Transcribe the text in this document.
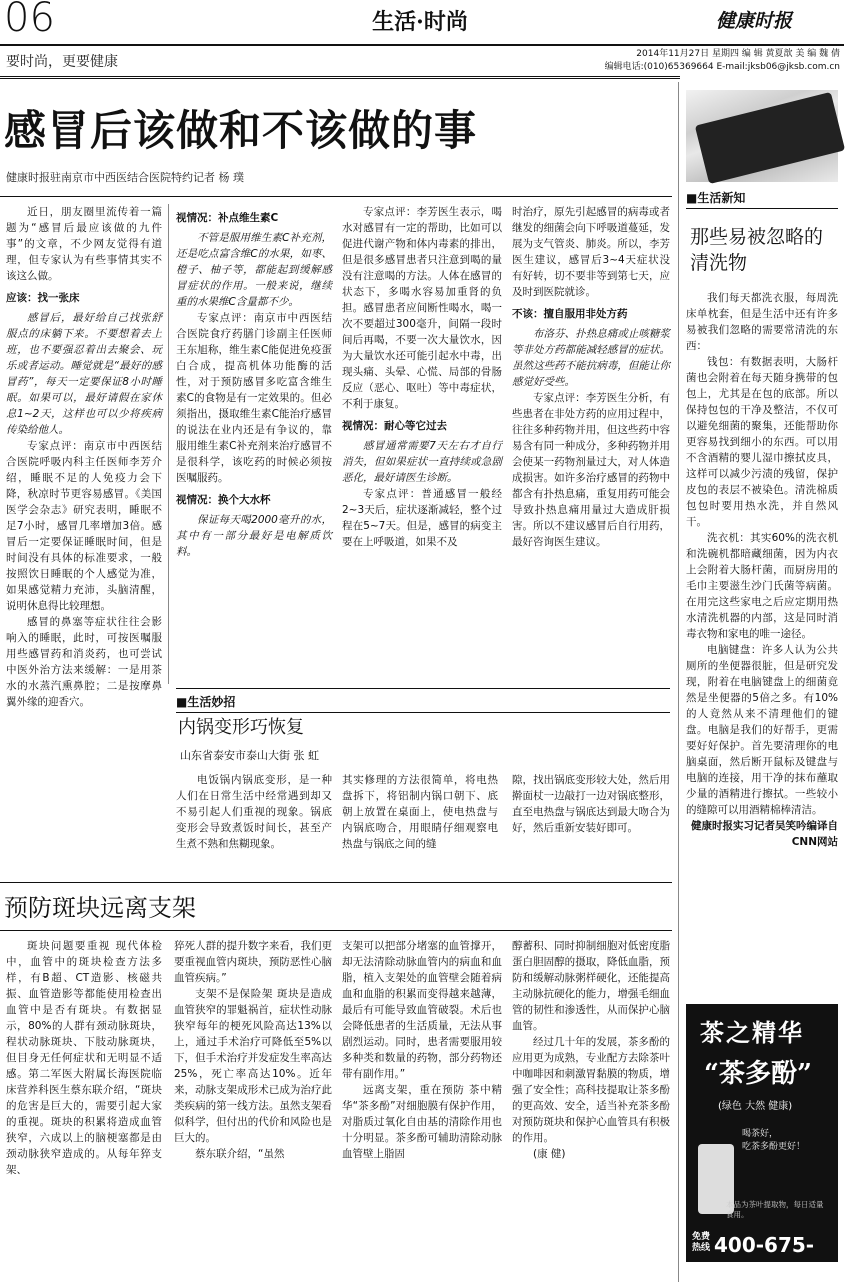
06	生活·时尚	健康时报
要时尚，更要健康	2014年11月27日 星期四 编 辑 黄夏歆 美 编 魏 倩
编辑电话:(010)65369664 E-mail:jksb06@jksb.com.cn
感冒后该做和不该做的事
健康时报驻南京市中西医结合医院特约记者 杨 璞

近日，朋友圈里流传着一篇题为“感冒后最应该做的九件事”的文章，不少网友觉得有道理，但专家认为有些事情其实不该这么做。

应该：找一张床

感冒后，最好给自己找张舒服点的床躺下来。不要想着去上班，也不要强忍着出去聚会、玩乐或者运动。睡觉就是“最好的感冒药”，每天一定要保证8小时睡眠。如果可以，最好请假在家休息1~2天，这样也可以少将疾病传染给他人。

专家点评：南京市中西医结合医院呼吸内科主任医师李芳介绍，睡眠不足的人免疫力会下降，秋凉时节更容易感冒。《美国医学会杂志》研究表明，睡眠不足7小时，感冒几率增加3倍。感冒后一定要保证睡眠时间，但是时间没有具体的标准要求，一般按照饮日睡眠的个人感觉为准，如果感觉精力充沛，头脑清醒，说明休息得比较理想。

感冒的鼻塞等症状往往会影响入的睡眠，此时，可按医嘱服用些感冒药和消炎药，也可尝试中医外治方法来缓解：一是用茶水的水蒸汽熏鼻腔；二是按摩鼻翼外缘的迎香穴。

视情况：补点维生素C

不管是服用维生素C补充剂，还是吃点富含维C的水果，如枣、橙子、柚子等，都能起到缓解感冒症状的作用。一般来说，继续重的水果维C含量都不少。

专家点评：南京市中西医结合医院食疗药膳门诊副主任医师王东旭称，维生素C能促进免疫蛋白合成，提高机体功能酶的活性，对于预防感冒多吃富含维生素C的食物是有一定效果的。但必须指出，摄取维生素C能治疗感冒的说法在业内还是有争议的，靠服用维生素C补充剂来治疗感冒不是很科学，该吃药的时候必须按医嘱服药。

视情况：换个大水杯

保证每天喝2000毫升的水，其中有一部分最好是电解质饮料。

专家点评：李芳医生表示，喝水对感冒有一定的帮助，比如可以促进代谢产物和体内毒素的排出，但是很多感冒患者只注意到喝的量没有注意喝的方法。人体在感冒的状态下，多喝水容易加重肾的负担。感冒患者应间断性喝水，喝一次不要超过300毫升，间隔一段时间后再喝，不要一次大量饮水，因为大量饮水还可能引起水中毒，出现头痛、头晕、心慌、局部的骨肠反应（恶心、呕吐）等中毒症状，不利于康复。

视情况：耐心等它过去

感冒通常需要7天左右才自行消失，但如果症状一直持续或急剧恶化，最好请医生诊断。

专家点评：普通感冒一般经2~3天后，症状逐渐减轻，整个过程在5~7天。但是，感冒的病变主要在上呼吸道，如果不及

时治疗，原先引起感冒的病毒或者继发的细菌会向下呼吸道蔓延，发展为支气管炎、肺炎。所以，李芳医生建议，感冒后3~4天症状没有好转，切不要非等到第七天，应及时到医院就诊。

不该：擅自服用非处方药

布洛芬、扑热息痛或止咳糖浆等非处方药都能减轻感冒的症状。虽然这些药不能抗病毒，但能让你感觉好受些。

专家点评：李芳医生分析，有些患者在非处方药的应用过程中，往往多种药物并用，但这些药中容易含有同一种成分，多种药物并用会使某一药物剂量过大，对人体造成损害。如许多治疗感冒的药物中都含有扑热息痛，重复用药可能会导致扑热息痛用量过大造成肝损害。所以不建议感冒后自行用药，最好咨询医生建议。

■生活妙招
内锅变形巧恢复
山东省泰安市泰山大街 张 虹

电饭锅内锅底变形，是一种人们在日常生活中经常遇到却又不易引起人们重视的现象。锅底变形会导致煮饭时间长，甚至产生煮不熟和焦糊现象。

其实修理的方法很简单，将电热盘拆下，将铝制内锅口朝下、底朝上放置在桌面上，使电热盘与内锅底吻合，用眼睛仔细观察电热盘与锅底之间的缝

隙，找出锅底变形较大处，然后用擀面杖一边敲打一边对锅底整形，直至电热盘与锅底达到最大吻合为好，然后重新安装好即可。

预防斑块远离支架

斑块问题要重视 现代体检中，血管中的斑块检查方法多样，有B超、CT造影、核磁共振、血管造影等都能使用检查出血管中是否有斑块。有数据显示，80%的人群有颈动脉斑块，程状动脉斑块、下肢动脉斑块，但目身无任何症状和无明显不适感。第二军医大附属长海医院临床营养科医生蔡东联介绍，“斑块的危害是巨大的，需要引起大家的重视。斑块的积累将造成血管狭窄，六成以上的脑梗塞都是由颈动脉狭窄造成的。从每年猝支架、

猝死人群的提升数字来看，我们更要重视血管内斑块，预防恶性心脑血管疾病。”

支架不是保险架 斑块是造成血管狭窄的罪魁祸首，症状性动脉狭窄每年的梗死风险高达13%以上，通过手术治疗可降低至5%以下，但手术治疗并发症发生率高达25%，死亡率高达10%。近年来，动脉支架成形术已成为治疗此类疾病的第一线方法。虽然支架看似科学，但付出的代价和风险也是巨大的。

蔡东联介绍，“虽然

支架可以把部分堵塞的血管撑开，却无法清除动脉血管内的病血和血脂，植入支架处的血管壁会随着病血和血脂的积累而变得越来越薄，最后有可能导致血管破裂。术后也会降低患者的生活质量，无法从事剧烈运动。同时，患者需要服用较多种类和数量的药物，部分药物还带有副作用。”

远离支架，重在预防 茶中精华“茶多酚”对细胞膜有保护作用，对脂质过氧化自由基的清除作用也十分明显。茶多酚可辅助清除动脉血管壁上脂固

醇蓄积、同时抑制细胞对低密度脂蛋白胆固醇的摄取，降低血脂，预防和缓解动脉粥样硬化，还能提高主动脉抗硬化的能力，增强毛细血管的韧性和渗透性，从而保护心脑血管。

经过几十年的发展，茶多酚的应用更为成熟，专业配方去除茶叶中咖啡因和刺激胃黏膜的物质，增强了安全性；高科技提取让茶多酚的更高效、安全，适当补充茶多酚对预防斑块和保护心血管具有积极的作用。

(康 健)

■生活新知
那些易被忽略的清洗物

我们每天都洗衣服，每周洗床单枕套，但是生活中还有许多易被我们忽略的需要常清洗的东西：

钱包：有数据表明，大肠杆菌也会附着在每天随身携带的包包上，尤其是在包的底部。所以保持包包的干净及整洁，不仅可以避免细菌的聚集，还能帮助你更容易找到细小的东西。可以用不含酒精的婴儿湿巾擦拭皮具，这样可以减少污渍的残留，保护皮包的表层不被染色。清洗棉质包包时要用热水洗，并自然风干。

洗衣机：其实60%的洗衣机和洗碗机都暗藏细菌，因为内衣上会附着大肠杆菌，而厨房用的毛巾主要滋生沙门氏菌等病菌。在用完这些家电之后应定期用热水清洗机器的内部，这是同时消毒衣物和家电的唯一途径。

电脑键盘：许多人认为公共厕所的坐便器很脏，但是研究发现，附着在电脑键盘上的细菌竟然是坐便器的5倍之多。有10%的人竟然从来不清理他们的键盘。电脑是我们的好帮手，更需要好好保护。首先要清理你的电脑桌面，然后断开鼠标及键盘与电脑的连接，用干净的抹布蘸取少量的酒精进行擦拭。一些较小的缝隙可以用酒精棉棒清洁。

健康时报实习记者吴笑吟编译自CNN网站

茶之精华
“茶多酚”
(绿色 大然 健康)
喝茶好，
吃茶多酚更好！
本品为茶叶提取物，每日适量食用。
免费热线 400-675-8228
